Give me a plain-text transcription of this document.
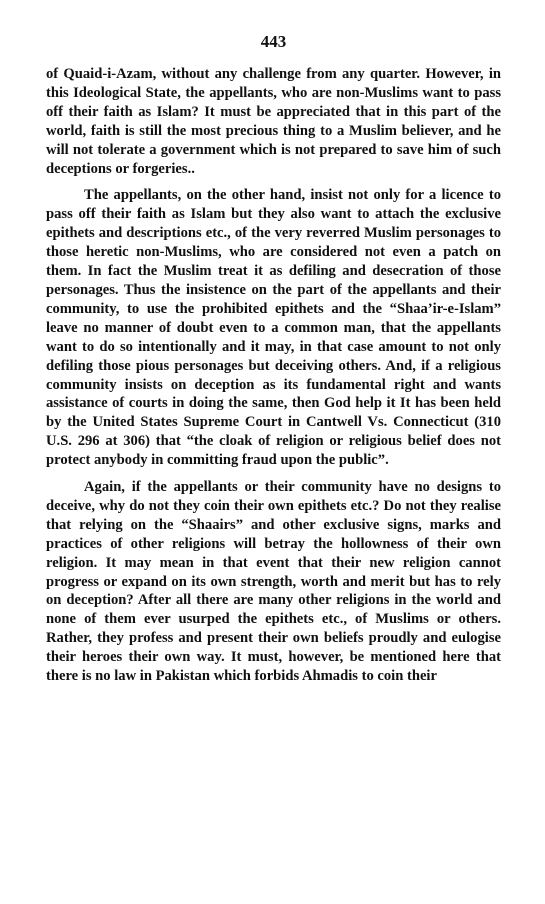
443

of Quaid-i-Azam, without any challenge from any quarter. However, in this Ideological State, the appellants, who are non-Muslims want to pass off their faith as Islam? It must be appreciated that in this part of the world, faith is still the most precious thing to a Muslim believer, and he will not tolerate a government which is not prepared to save him of such deceptions or forgeries..

The appellants, on the other hand, insist not only for a licence to pass off their faith as Islam but they also want to attach the exclusive epithets and descriptions etc., of the very reverred Muslim personages to those heretic non-Muslims, who are considered not even a patch on them. In fact the Muslim treat it as defiling and desecration of those personages. Thus the insistence on the part of the appellants and their community, to use the prohibited epithets and the “Shaa’ir-e-Islam” leave no manner of doubt even to a common man, that the appellants want to do so intentionally and it may, in that case amount to not only defiling those pious personages but deceiving others. And, if a religious community insists on deception as its fundamental right and wants assistance of courts in doing the same, then God help it It has been held by the United States Supreme Court in Cantwell Vs. Connecticut (310 U.S. 296 at 306) that “the cloak of religion or religious belief does not protect anybody in committing fraud upon the public”.

Again, if the appellants or their community have no designs to deceive, why do not they coin their own epithets etc.? Do not they realise that relying on the “Shaairs” and other exclusive signs, marks and practices of other religions will betray the hollowness of their own religion. It may mean in that event that their new religion cannot progress or expand on its own strength, worth and merit but has to rely on deception? After all there are many other religions in the world and none of them ever usurped the epithets etc., of Muslims or others. Rather, they profess and present their own beliefs proudly and eulogise their heroes their own way. It must, however, be mentioned here that there is no law in Pakistan which forbids Ahmadis to coin their
